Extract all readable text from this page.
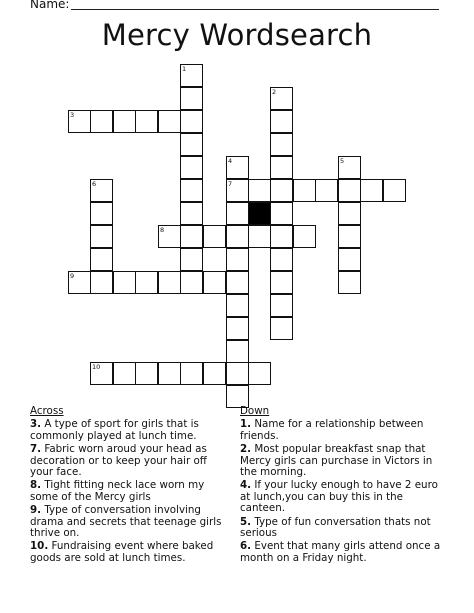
Name:
Mercy Wordsearch
1
2
3
4	5
6	7
8
9
10
Across
3. A type of sport for girls that is commonly played at lunch time.
7. Fabric worn aroud your head as decoration or to keep your hair off your face.
8. Tight fitting neck lace worn my some of the Mercy girls
9. Type of conversation involving drama and secrets that teenage girls thrive on.
10. Fundraising event where baked goods are sold at lunch times.
Down
1. Name for a relationship between friends.
2. Most popular breakfast snap that Mercy girls can purchase in Victors in the morning.
4. If your lucky enough to have 2 euro at lunch,you can buy this in the canteen.
5. Type of fun conversation thats not serious
6. Event that many girls attend once a month on a Friday night.
